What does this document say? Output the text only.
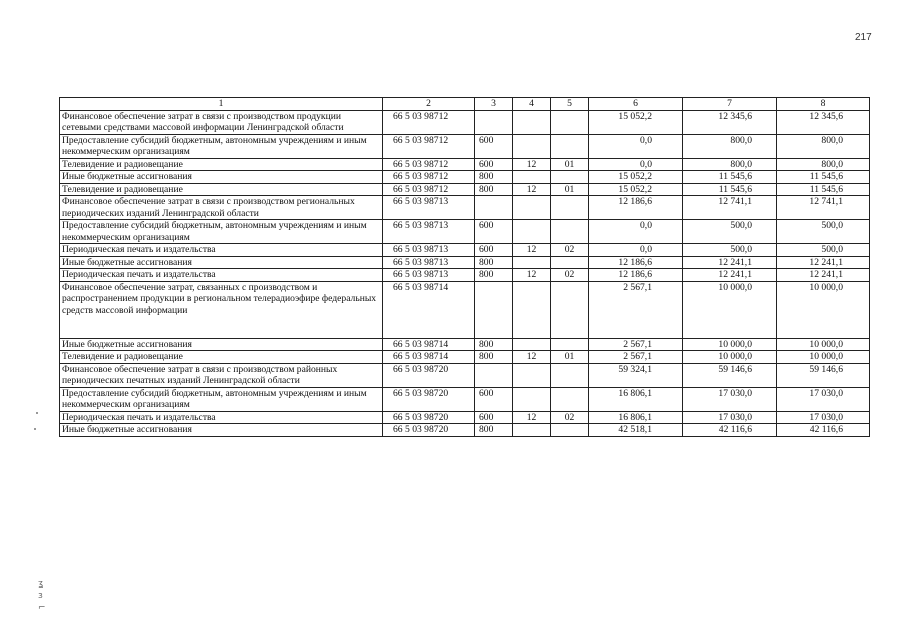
217
1	2	3	4	5	6	7	8
Финансовое обеспечение затрат в связи с производством продукции сетевыми средствами массовой информации Ленинградской области	66 5 03 98712				15 052,2	12 345,6	12 345,6
Предоставление субсидий бюджетным, автономным учреждениям и иным некоммерческим организациям	66 5 03 98712	600			0,0	800,0	800,0
Телевидение и радиовещание	66 5 03 98712	600	12	01	0,0	800,0	800,0
Иные бюджетные ассигнования	66 5 03 98712	800			15 052,2	11 545,6	11 545,6
Телевидение и радиовещание	66 5 03 98712	800	12	01	15 052,2	11 545,6	11 545,6
Финансовое обеспечение затрат в связи с производством региональных периодических изданий Ленинградской области	66 5 03 98713				12 186,6	12 741,1	12 741,1
Предоставление субсидий бюджетным, автономным учреждениям и иным некоммерческим организациям	66 5 03 98713	600			0,0	500,0	500,0
Периодическая печать и издательства	66 5 03 98713	600	12	02	0,0	500,0	500,0
Иные бюджетные ассигнования	66 5 03 98713	800			12 186,6	12 241,1	12 241,1
Периодическая печать и издательства	66 5 03 98713	800	12	02	12 186,6	12 241,1	12 241,1
Финансовое обеспечение затрат, связанных с производством и распространением продукции в региональном телерадиоэфире федеральных средств массовой информации	66 5 03 98714				2 567,1	10 000,0	10 000,0
Иные бюджетные ассигнования	66 5 03 98714	800			2 567,1	10 000,0	10 000,0
Телевидение и радиовещание	66 5 03 98714	800	12	01	2 567,1	10 000,0	10 000,0
Финансовое обеспечение затрат в связи с производством районных периодических печатных изданий Ленинградской области	66 5 03 98720				59 324,1	59 146,6	59 146,6
Предоставление субсидий бюджетным, автономным учреждениям и иным некоммерческим организациям	66 5 03 98720	600			16 806,1	17 030,0	17 030,0
Периодическая печать и издательства	66 5 03 98720	600	12	02	16 806,1	17 030,0	17 030,0
Иные бюджетные ассигнования	66 5 03 98720	800			42 518,1	42 116,6	42 116,6
ʓ
ɜ
⌐
